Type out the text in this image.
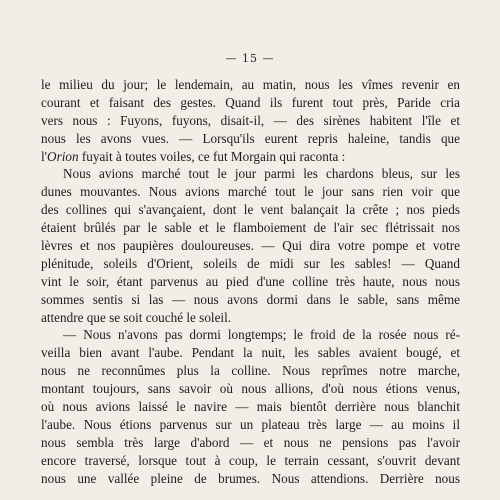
— 15 —
le milieu du jour; le lendemain, au matin, nous les vîmes revenir en
courant et faisant des gestes. Quand ils furent tout près, Paride cria
vers nous : Fuyons, fuyons, disait-il, — des sirènes habitent l'île et
nous les avons vues. — Lorsqu'ils eurent repris haleine, tandis que
l'Orion fuyait à toutes voiles, ce fut Morgain qui raconta :
Nous avions marché tout le jour parmi les chardons bleus, sur les
dunes mouvantes. Nous avions marché tout le jour sans rien voir que
des collines qui s'avançaient, dont le vent balançait la crête ; nos pieds
étaient brûlés par le sable et le flamboiement de l'air sec flétrissait nos
lèvres et nos paupières douloureuses. — Qui dira votre pompe et votre
plénitude, soleils d'Orient, soleils de midi sur les sables! — Quand
vint le soir, étant parvenus au pied d'une colline très haute, nous nous
sommes sentis si las — nous avons dormi dans le sable, sans même
attendre que se soit couché le soleil.
— Nous n'avons pas dormi longtemps; le froid de la rosée nous ré-
veilla bien avant l'aube. Pendant la nuit, les sables avaient bougé, et
nous ne reconnûmes plus la colline. Nous reprîmes notre marche,
montant toujours, sans savoir où nous allions, d'où nous étions venus,
où nous avions laissé le navire — mais bientôt derrière nous blanchit
l'aube. Nous étions parvenus sur un plateau très large — au moins il
nous sembla très large d'abord — et nous ne pensions pas l'avoir
encore traversé, lorsque tout à coup, le terrain cessant, s'ouvrit devant
nous une vallée pleine de brumes. Nous attendions. Derrière nous
